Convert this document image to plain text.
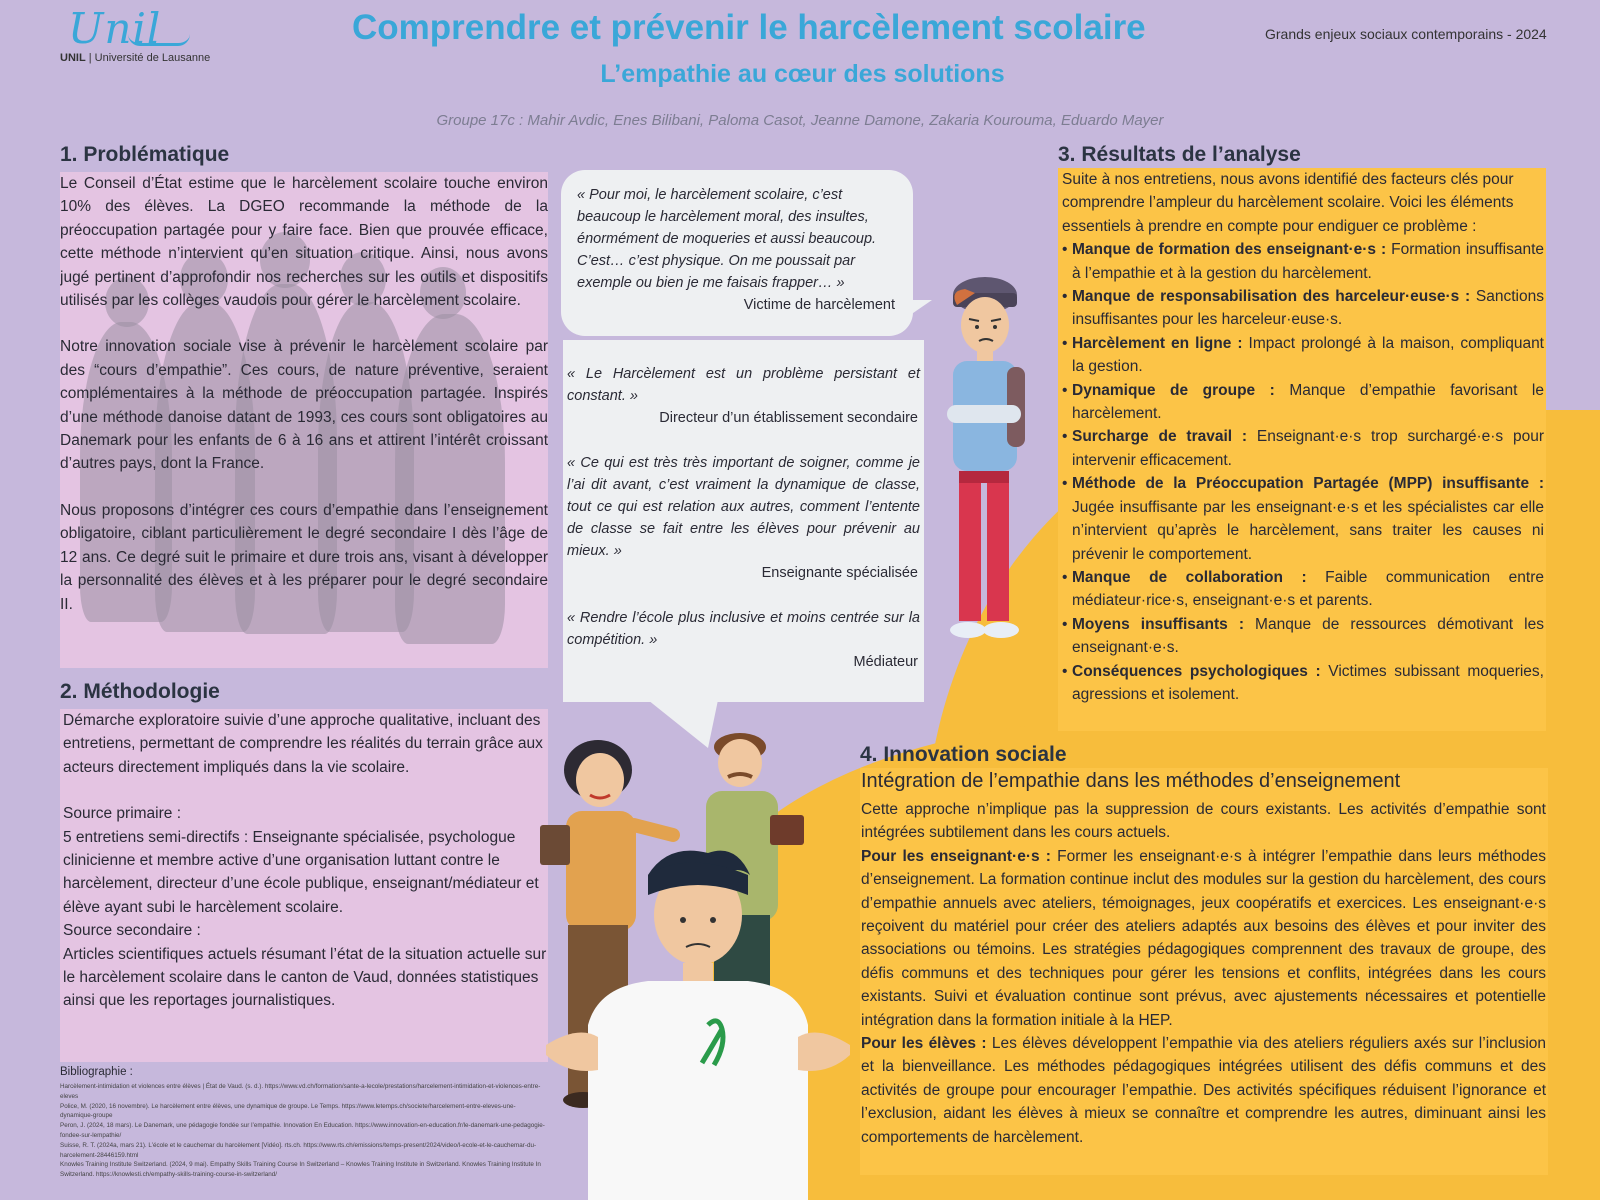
Unil
UNIL | Université de Lausanne
Comprendre et prévenir le harcèlement scolaire	Grands enjeux sociaux contemporains - 2024
L’empathie au cœur des solutions
Groupe 17c : Mahir Avdic, Enes Bilibani, Paloma Casot, Jeanne Damone, Zakaria Kourouma, Eduardo Mayer
1. Problématique

Le Conseil d’État estime que le harcèlement scolaire touche environ 10% des élèves. La DGEO recommande la méthode de la préoccupation partagée pour y faire face. Bien que prouvée efficace, cette méthode n’intervient qu’en situation critique. Ainsi, nous avons jugé pertinent d’approfondir nos recherches sur les outils et dispositifs utilisés par les collèges vaudois pour gérer le harcèlement scolaire.

Notre innovation sociale vise à prévenir le harcèlement scolaire par des “cours d’empathie”. Ces cours, de nature préventive, seraient complémentaires à la méthode de préoccupation partagée. Inspirés d’une méthode danoise datant de 1993, ces cours sont obligatoires au Danemark pour les enfants de 6 à 16 ans et attirent l’intérêt croissant d’autres pays, dont la France.

Nous proposons d’intégrer ces cours d’empathie dans l’enseignement obligatoire, ciblant particulièrement le degré secondaire I dès l’âge de 12 ans. Ce degré suit le primaire et dure trois ans, visant à développer la personnalité des élèves et à les préparer pour le degré secondaire II.

2. Méthodologie

Démarche exploratoire suivie d’une approche qualitative, incluant des entretiens, permettant de comprendre les réalités du terrain grâce aux acteurs directement impliqués dans la vie scolaire.

Source primaire :

5 entretiens semi-directifs : Enseignante spécialisée, psychologue clinicienne et membre active d’une organisation luttant contre le harcèlement, directeur d’une école publique, enseignant/médiateur et élève ayant subi le harcèlement scolaire.

Source secondaire :

Articles scientifiques actuels résumant l’état de la situation actuelle sur le harcèlement scolaire dans le canton de Vaud, données statistiques ainsi que les reportages journalistiques.

Bibliographie :

Harcèlement-intimidation et violences entre élèves | État de Vaud. (s. d.). https://www.vd.ch/formation/sante-a-lecole/prestations/harcelement-intimidation-et-violences-entre-eleves

Police, M. (2020, 16 novembre). Le harcèlement entre élèves, une dynamique de groupe. Le Temps. https://www.letemps.ch/societe/harcelement-entre-eleves-une-dynamique-groupe

Peron, J. (2024, 18 mars). Le Danemark, une pédagogie fondée sur l’empathie. Innovation En Education. https://www.innovation-en-education.fr/le-danemark-une-pedagogie-fondee-sur-lempathie/

Suisse, R. T. (2024a, mars 21). L’école et le cauchemar du harcèlement [Vidéo]. rts.ch. https://www.rts.ch/emissions/temps-present/2024/video/l-ecole-et-le-cauchemar-du-harcelement-28446159.html

Knowles Training Institute Switzerland. (2024, 9 mai). Empathy Skills Training Course In Switzerland – Knowles Training Institute in Switzerland. Knowles Training Institute In Switzerland. https://knowlesti.ch/empathy-skills-training-course-in-switzerland/

« Pour moi, le harcèlement scolaire, c’est beaucoup le harcèlement moral, des insultes, énormément de moqueries et aussi beaucoup. C’est… c’est physique. On me poussait par exemple ou bien je me faisais frapper… »

Victime de harcèlement

« Le Harcèlement est un problème persistant et constant. »

Directeur d’un établissement secondaire

« Ce qui est très très important de soigner, comme je l’ai dit avant, c’est vraiment la dynamique de classe, tout ce qui est relation aux autres, comment l’entente de classe se fait entre les élèves pour prévenir au mieux. »

Enseignante spécialisée

« Rendre l’école plus inclusive et moins centrée sur la compétition. »

Médiateur

3. Résultats de l’analyse

Suite à nos entretiens, nous avons identifié des facteurs clés pour comprendre l’ampleur du harcèlement scolaire. Voici les éléments essentiels à prendre en compte pour endiguer ce problème :

• Manque de formation des enseignant·e·s : Formation insuffisante à l’empathie et à la gestion du harcèlement.
• Manque de responsabilisation des harceleur·euse·s : Sanctions insuffisantes pour les harceleur·euse·s.
• Harcèlement en ligne : Impact prolongé à la maison, compliquant la gestion.
• Dynamique de groupe : Manque d’empathie favorisant le harcèlement.
• Surcharge de travail : Enseignant·e·s trop surchargé·e·s pour intervenir efficacement.
• Méthode de la Préoccupation Partagée (MPP) insuffisante : Jugée insuffisante par les enseignant·e·s et les spécialistes car elle n’intervient qu’après le harcèlement, sans traiter les causes ni prévenir le comportement.
• Manque de collaboration : Faible communication entre médiateur·rice·s, enseignant·e·s et parents.
• Moyens insuffisants : Manque de ressources démotivant les enseignant·e·s.
• Conséquences psychologiques : Victimes subissant moqueries, agressions et isolement.
4. Innovation sociale

Intégration de l’empathie dans les méthodes d’enseignement

Cette approche n’implique pas la suppression de cours existants. Les activités d’empathie sont intégrées subtilement dans les cours actuels.

Pour les enseignant·e·s : Former les enseignant·e·s à intégrer l’empathie dans leurs méthodes d’enseignement. La formation continue inclut des modules sur la gestion du harcèlement, des cours d’empathie annuels avec ateliers, témoignages, jeux coopératifs et exercices. Les enseignant·e·s reçoivent du matériel pour créer des ateliers adaptés aux besoins des élèves et pour inviter des associations ou témoins. Les stratégies pédagogiques comprennent des travaux de groupe, des défis communs et des techniques pour gérer les tensions et conflits, intégrées dans les cours existants. Suivi et évaluation continue sont prévus, avec ajustements nécessaires et potentielle intégration dans la formation initiale à la HEP.

Pour les élèves : Les élèves développent l’empathie via des ateliers réguliers axés sur l’inclusion et la bienveillance. Les méthodes pédagogiques intégrées utilisent des défis communs et des activités de groupe pour encourager l’empathie. Des activités spécifiques réduisent l’ignorance et l’exclusion, aidant les élèves à mieux se connaître et comprendre les autres, diminuant ainsi les comportements de harcèlement.
